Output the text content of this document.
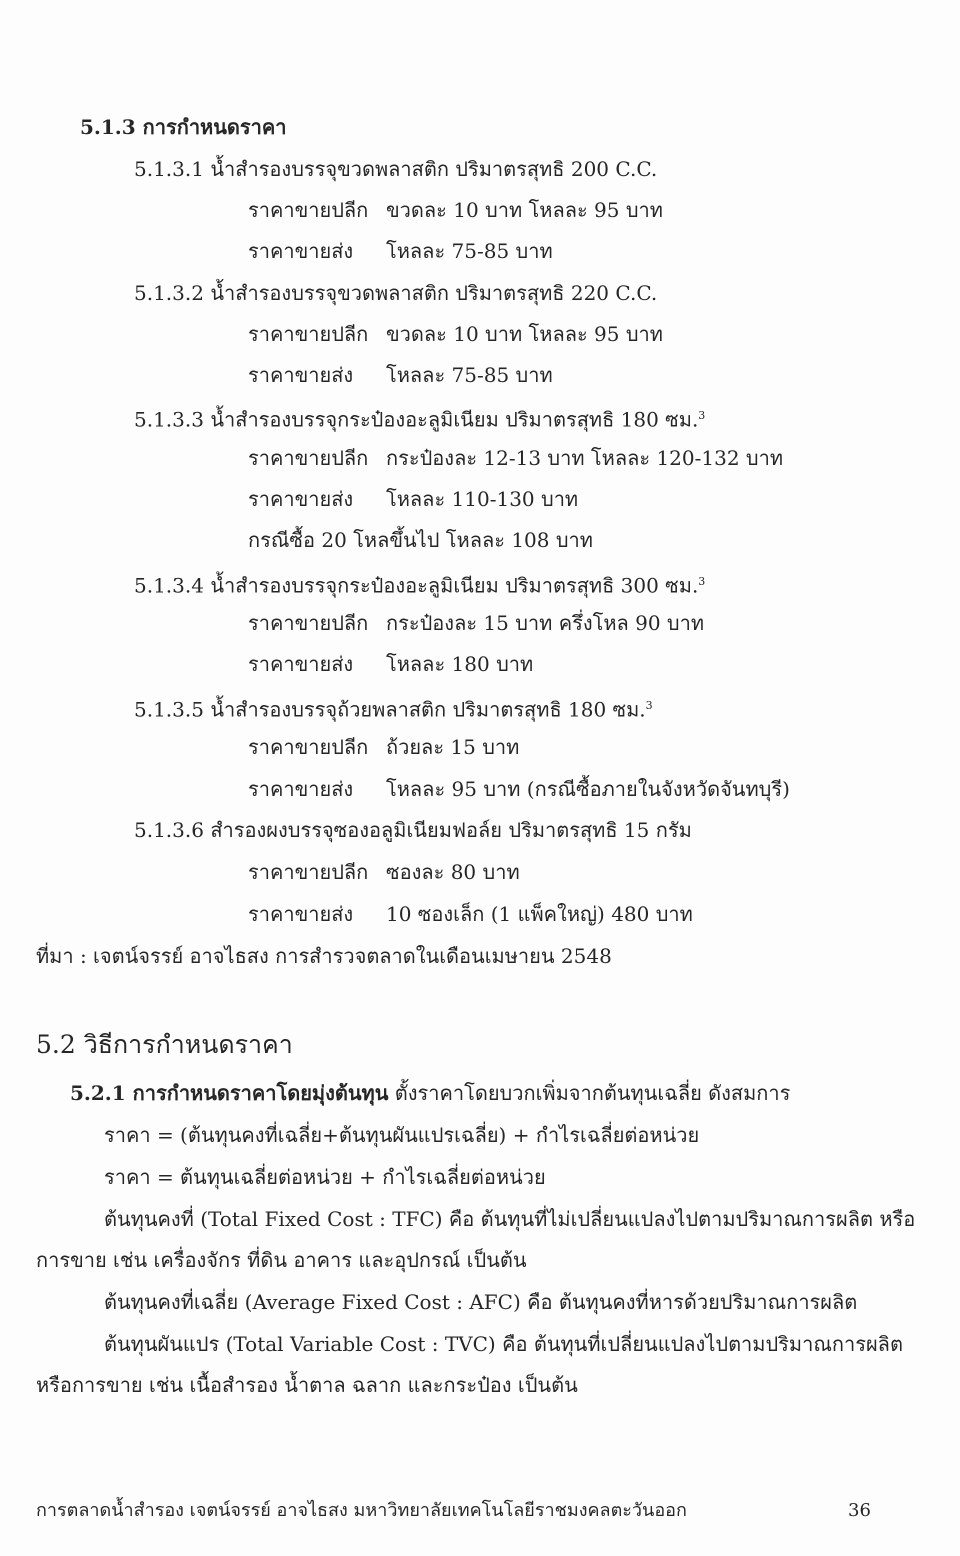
5.1.3 การกำหนดราคา
5.1.3.1 น้ำสำรองบรรจุขวดพลาสติก ปริมาตรสุทธิ 200 C.C.
ราคาขายปลีก ขวดละ 10 บาท โหลละ 95 บาท
ราคาขายส่ง โหลละ 75-85 บาท
5.1.3.2 น้ำสำรองบรรจุขวดพลาสติก ปริมาตรสุทธิ 220 C.C.
ราคาขายปลีก ขวดละ 10 บาท โหลละ 95 บาท
ราคาขายส่ง โหลละ 75-85 บาท
5.1.3.3 น้ำสำรองบรรจุกระป๋องอะลูมิเนียม ปริมาตรสุทธิ 180 ซม.$^3$
ราคาขายปลีก กระป๋องละ 12-13 บาท โหลละ 120-132 บาท
ราคาขายส่ง โหลละ 110-130 บาท
กรณีซื้อ 20 โหลขึ้นไป โหลละ 108 บาท
5.1.3.4 น้ำสำรองบรรจุกระป๋องอะลูมิเนียม ปริมาตรสุทธิ 300 ซม.$^3$
ราคาขายปลีก กระป๋องละ 15 บาท ครึ่งโหล 90 บาท
ราคาขายส่ง โหลละ 180 บาท
5.1.3.5 น้ำสำรองบรรจุถ้วยพลาสติก ปริมาตรสุทธิ 180 ซม.$^3$
ราคาขายปลีก ถ้วยละ 15 บาท
ราคาขายส่ง โหลละ 95 บาท (กรณีซื้อภายในจังหวัดจันทบุรี)
5.1.3.6 สำรองผงบรรจุซองอลูมิเนียมฟอล์ย ปริมาตรสุทธิ 15 กรัม
ราคาขายปลีก ซองละ 80 บาท
ราคาขายส่ง 10 ซองเล็ก (1 แพ็คใหญ่) 480 บาท
ที่มา : เจตน์จรรย์ อาจไธสง การสำรวจตลาดในเดือนเมษายน 2548
5.2 วิธีการกำหนดราคา
5.2.1 การกำหนดราคาโดยมุ่งต้นทุน ตั้งราคาโดยบวกเพิ่มจากต้นทุนเฉลี่ย ดังสมการ
ราคา = (ต้นทุนคงที่เฉลี่ย+ต้นทุนผันแปรเฉลี่ย) + กำไรเฉลี่ยต่อหน่วย
ราคา = ต้นทุนเฉลี่ยต่อหน่วย + กำไรเฉลี่ยต่อหน่วย
ต้นทุนคงที่ (Total Fixed Cost : TFC) คือ ต้นทุนที่ไม่เปลี่ยนแปลงไปตามปริมาณการผลิต หรือ
การขาย เช่น เครื่องจักร ที่ดิน อาคาร และอุปกรณ์ เป็นต้น
ต้นทุนคงที่เฉลี่ย (Average Fixed Cost : AFC) คือ ต้นทุนคงที่หารด้วยปริมาณการผลิต
ต้นทุนผันแปร (Total Variable Cost : TVC) คือ ต้นทุนที่เปลี่ยนแปลงไปตามปริมาณการผลิต
หรือการขาย เช่น เนื้อสำรอง น้ำตาล ฉลาก และกระป๋อง เป็นต้น
การตลาดน้ำสำรอง เจตน์จรรย์ อาจไธสง มหาวิทยาลัยเทคโนโลยีราชมงคลตะวันออก	36
